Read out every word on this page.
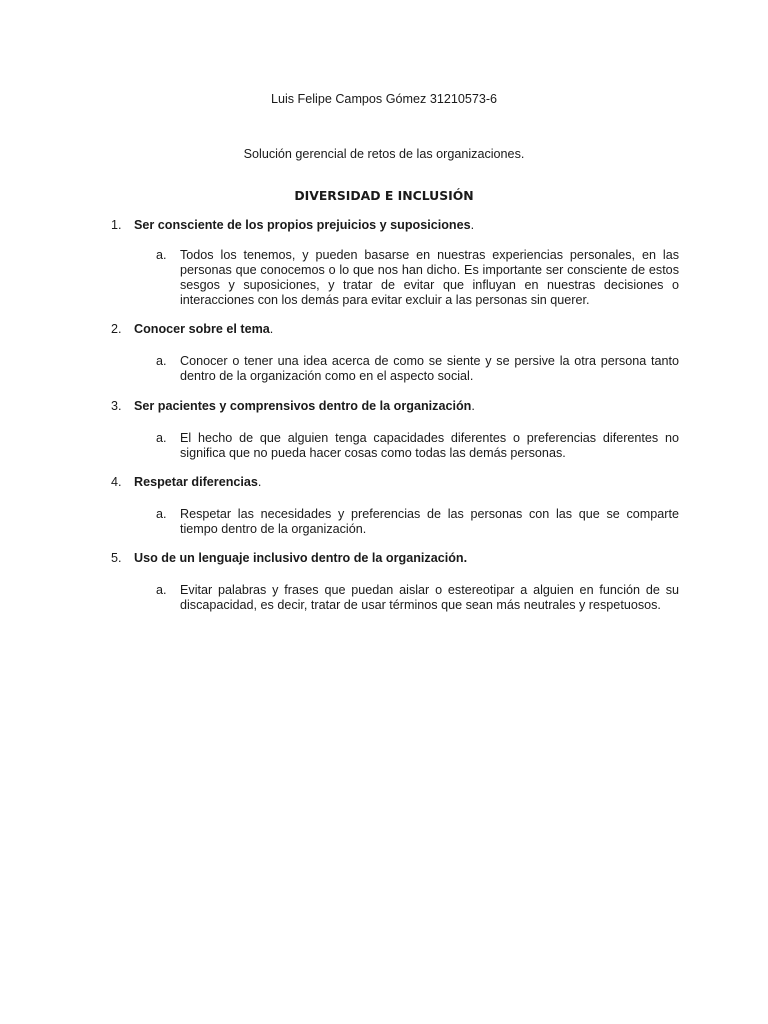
Luis Felipe Campos Gómez 31210573-6
Solución gerencial de retos de las organizaciones.
DIVERSIDAD E INCLUSIÓN
1. Ser consciente de los propios prejuicios y suposiciones.
a. Todos los tenemos, y pueden basarse en nuestras experiencias personales, en las personas que conocemos o lo que nos han dicho. Es importante ser consciente de estos sesgos y suposiciones, y tratar de evitar que influyan en nuestras decisiones o interacciones con los demás para evitar excluir a las personas sin querer.
2. Conocer sobre el tema.
a. Conocer o tener una idea acerca de como se siente y se persive la otra persona tanto dentro de la organización como en el aspecto social.
3. Ser pacientes y comprensivos dentro de la organización.
a. El hecho de que alguien tenga capacidades diferentes o preferencias diferentes no significa que no pueda hacer cosas como todas las demás personas.
4. Respetar diferencias.
a. Respetar las necesidades y preferencias de las personas con las que se comparte tiempo dentro de la organización.
5. Uso de un lenguaje inclusivo dentro de la organización.
a. Evitar palabras y frases que puedan aislar o estereotipar a alguien en función de su discapacidad, es decir, tratar de usar términos que sean más neutrales y respetuosos.
